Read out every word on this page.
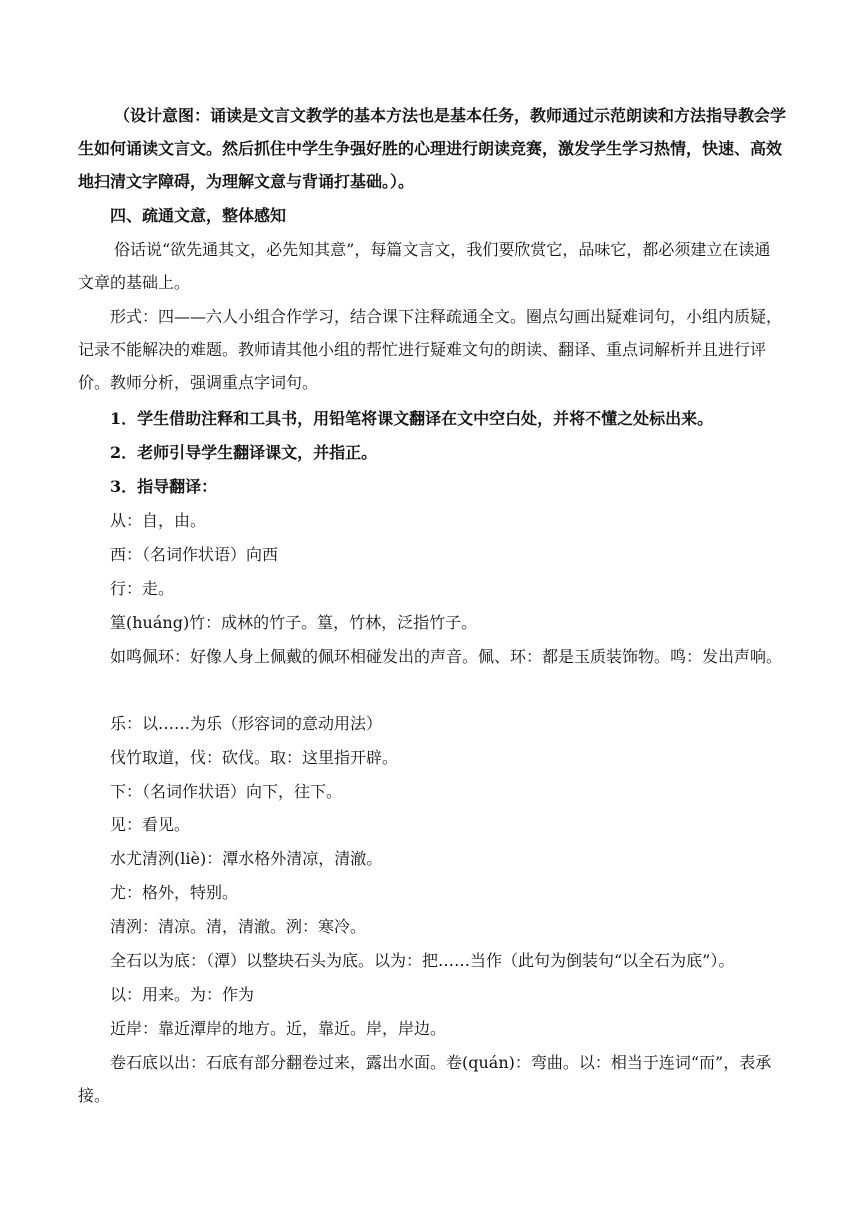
（设计意图：诵读是文言文教学的基本方法也是基本任务，教师通过示范朗读和方法指导教会学生如何诵读文言文。然后抓住中学生争强好胜的心理进行朗读竞赛，激发学生学习热情，快速、高效地扫清文字障碍，为理解文意与背诵打基础。）。

四、疏通文意，整体感知

俗话说“欲先通其文，必先知其意”，每篇文言文，我们要欣赏它，品味它，都必须建立在读通文章的基础上。

形式：四——六人小组合作学习，结合课下注释疏通全文。圈点勾画出疑难词句，小组内质疑，记录不能解决的难题。教师请其他小组的帮忙进行疑难文句的朗读、翻译、重点词解析并且进行评价。教师分析，强调重点字词句。

1．学生借助注释和工具书，用铅笔将课文翻译在文中空白处，并将不懂之处标出来。

2．老师引导学生翻译课文，并指正。

3．指导翻译：

从：自，由。

西：（名词作状语）向西

行：走。

篁(huáng)竹：成林的竹子。篁，竹林，泛指竹子。

如鸣佩环：好像人身上佩戴的佩环相碰发出的声音。佩、环：都是玉质装饰物。鸣：发出声响。

乐：以……为乐（形容词的意动用法）

伐竹取道，伐：砍伐。取：这里指开辟。

下：（名词作状语）向下，往下。

见：看见。

水尤清洌(liè)：潭水格外清凉，清澈。

尤：格外，特别。

清洌：清凉。清，清澈。洌：寒冷。

全石以为底：（潭）以整块石头为底。以为：把……当作（此句为倒装句“以全石为底”）。

以：用来。为：作为

近岸：靠近潭岸的地方。近，靠近。岸，岸边。

卷石底以出：石底有部分翻卷过来，露出水面。卷(quán)：弯曲。以：相当于连词“而”，表承接。
